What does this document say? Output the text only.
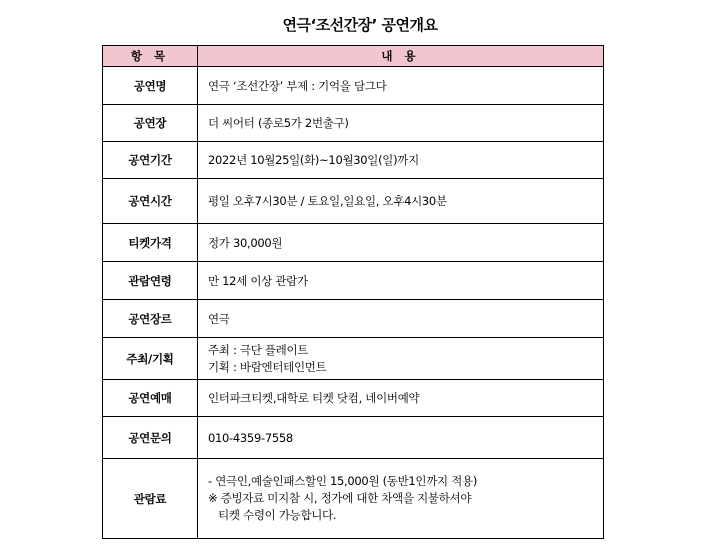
연극‘조선간장’ 공연개요
항 목	내 용
공연명	연극 ‘조선간장’ 부제 : 기억을 담그다
공연장	더 씨어터 (종로5가 2번출구)
공연기간	2022년 10월25일(화)~10월30일(일)까지
공연시간	평일 오후7시30분 / 토요일,일요일, 오후4시30분
티켓가격	정가 30,000원
관람연령	만 12세 이상 관람가
공연장르	연극
주최/기획	주최 : 극단 플레이트
기획 : 바람엔터테인먼트

공연예매	인터파크티켓,대학로 티켓 닷컴, 네이버예약
공연문의	010-4359-7558
관람료	- 연극인,예술인패스할인 15,000원 (동반1인까지 적용)
※ 증빙자료 미지참 시, 정가에 대한 차액을 지불하셔야
티켓 수령이 가능합니다.
